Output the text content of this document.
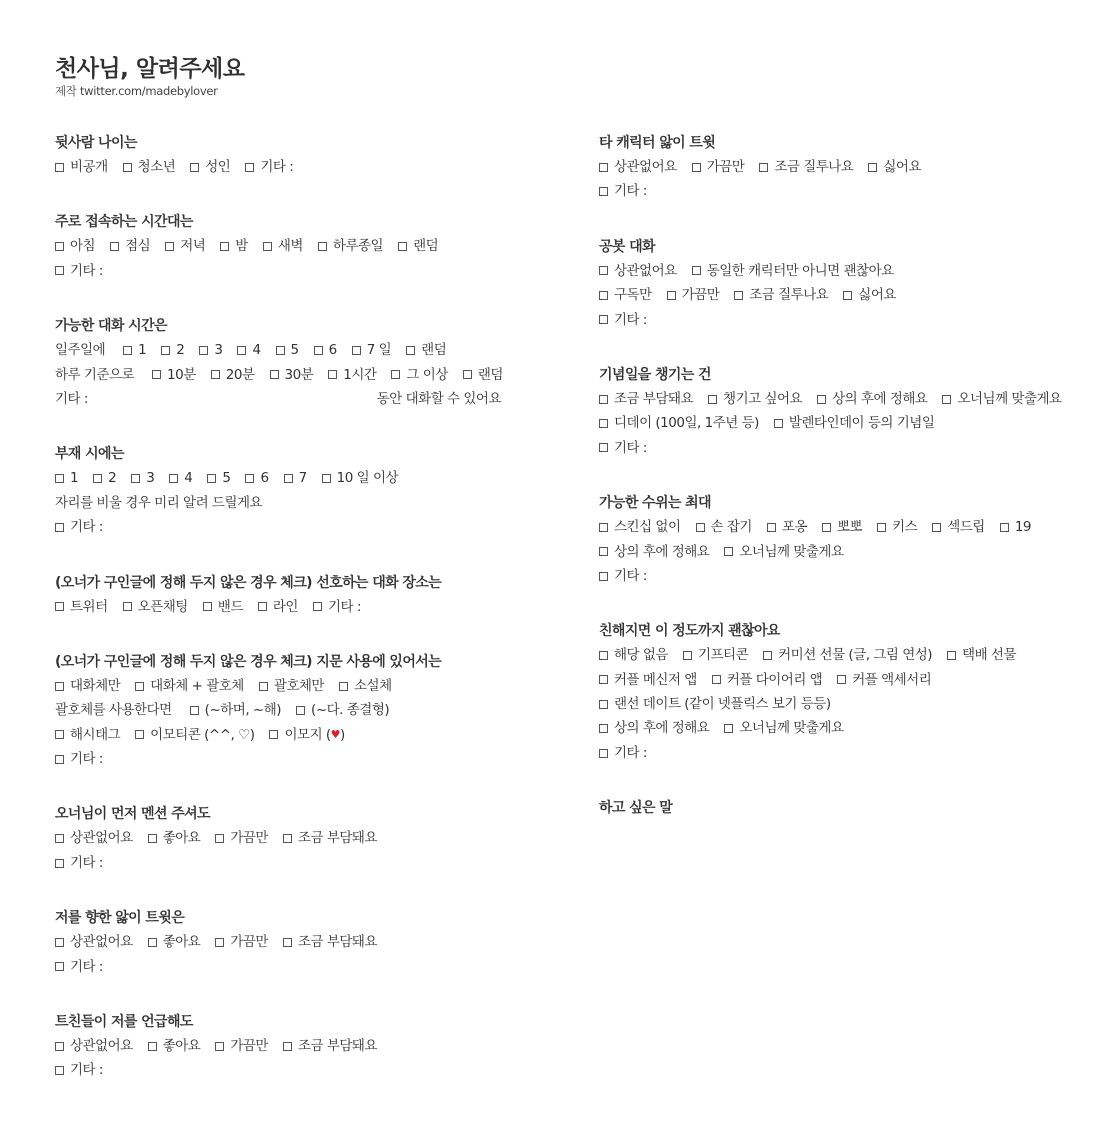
천사님, 알려주세요
제작 twitter.com/madebylover
뒷사람 나이는
비공개 청소년 성인 기타 :
주로 접속하는 시간대는
아침 점심 저녁 밤 새벽 하루종일 랜덤
기타 :
가능한 대화 시간은
일주일에 1 2 3 4 5 6 7 일 랜덤
하루 기준으로 10분 20분 30분 1시간 그 이상 랜덤
기타 :	동안 대화할 수 있어요
부재 시에는
1 2 3 4 5 6 7 10 일 이상
자리를 비울 경우 미리 알려 드릴게요
기타 :
(오너가 구인글에 정해 두지 않은 경우 체크) 선호하는 대화 장소는
트위터 오픈채팅 밴드 라인 기타 :
(오너가 구인글에 정해 두지 않은 경우 체크) 지문 사용에 있어서는
대화체만 대화체 + 괄호체 괄호체만 소설체
괄호체를 사용한다면 (~하며, ~해) (~다. 종결형)
해시태그 이모티콘 (^^, ♡) 이모지 ( ♥ )
기타 :
오너님이 먼저 멘션 주셔도
상관없어요 좋아요 가끔만 조금 부담돼요
기타 :
저를 향한 앓이 트윗은
상관없어요 좋아요 가끔만 조금 부담돼요
기타 :
트친들이 저를 언급해도
상관없어요 좋아요 가끔만 조금 부담돼요
기타 :
타 캐릭터 앓이 트윗
상관없어요 가끔만 조금 질투나요 싫어요
기타 :
공봇 대화
상관없어요 동일한 캐릭터만 아니면 괜찮아요
구독만 가끔만 조금 질투나요 싫어요
기타 :
기념일을 챙기는 건
조금 부담돼요 챙기고 싶어요 상의 후에 정해요 오너님께 맞출게요
디데이 (100일, 1주년 등) 발렌타인데이 등의 기념일
기타 :
가능한 수위는 최대
스킨십 없이 손 잡기 포옹 뽀뽀 키스 섹드립 19
상의 후에 정해요 오너님께 맞출게요
기타 :
친해지면 이 정도까지 괜찮아요
해당 없음 기프티콘 커미션 선물 (글, 그림 연성) 택배 선물
커플 메신저 앱 커플 다이어리 앱 커플 액세서리
랜선 데이트 (같이 넷플릭스 보기 등등)
상의 후에 정해요 오너님께 맞출게요
기타 :
하고 싶은 말
